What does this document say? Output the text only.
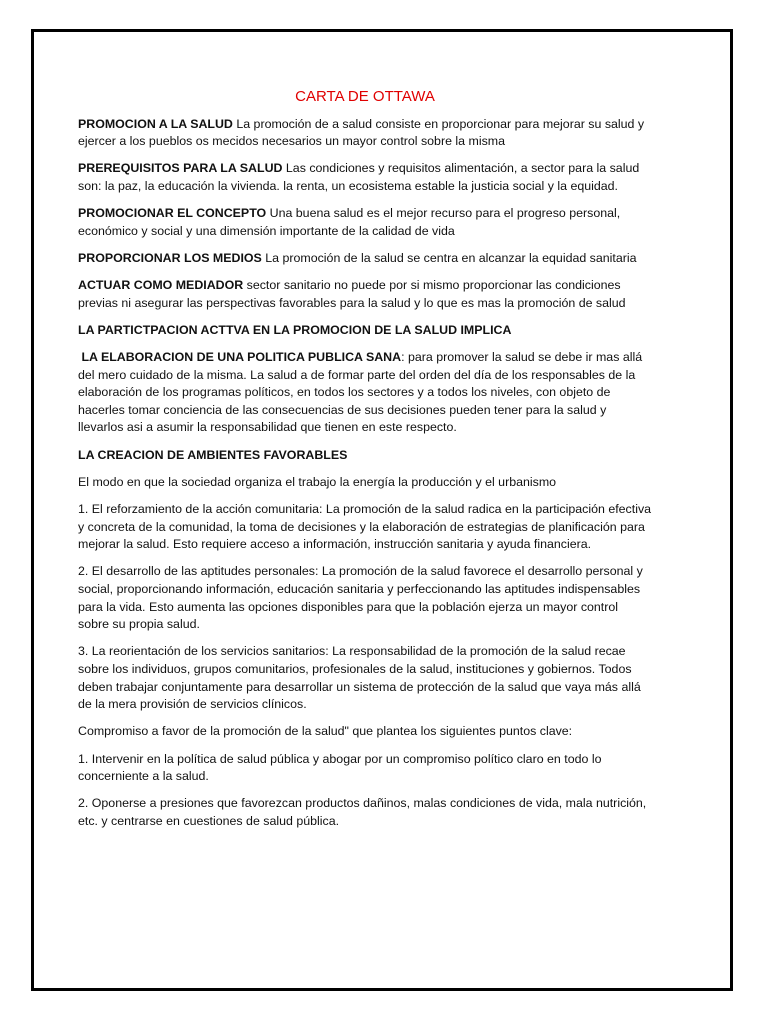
CARTA DE OTTAWA

PROMOCION A LA SALUD La promoción de a salud consiste en proporcionar para mejorar su salud y ejercer a los pueblos os mecidos necesarios un mayor control sobre la misma

PREREQUISITOS PARA LA SALUD Las condiciones y requisitos alimentación, a sector para la salud son: la paz, la educación la vivienda. la renta, un ecosistema estable la justicia social y la equidad.

PROMOCIONAR EL CONCEPTO Una buena salud es el mejor recurso para el progreso personal, económico y social y una dimensión importante de la calidad de vida

PROPORCIONAR LOS MEDIOS La promoción de la salud se centra en alcanzar la equidad sanitaria

ACTUAR COMO MEDIADOR sector sanitario no puede por si mismo proporcionar las condiciones previas ni asegurar las perspectivas favorables para la salud y lo que es mas la promoción de salud

LA PARTICTPACION ACTTVA EN LA PROMOCION DE LA SALUD IMPLICA

LA ELABORACION DE UNA POLITICA PUBLICA SANA: para promover la salud se debe ir mas allá del mero cuidado de la misma. La salud a de formar parte del orden del día de los responsables de la elaboración de los programas políticos, en todos los sectores y a todos los niveles, con objeto de hacerles tomar conciencia de las consecuencias de sus decisiones pueden tener para la salud y llevarlos asi a asumir la responsabilidad que tienen en este respecto.

LA CREACION DE AMBIENTES FAVORABLES

El modo en que la sociedad organiza el trabajo la energía la producción y el urbanismo

1. El reforzamiento de la acción comunitaria: La promoción de la salud radica en la participación efectiva y concreta de la comunidad, la toma de decisiones y la elaboración de estrategias de planificación para mejorar la salud. Esto requiere acceso a información, instrucción sanitaria y ayuda financiera.

2. El desarrollo de las aptitudes personales: La promoción de la salud favorece el desarrollo personal y social, proporcionando información, educación sanitaria y perfeccionando las aptitudes indispensables para la vida. Esto aumenta las opciones disponibles para que la población ejerza un mayor control sobre su propia salud.

3. La reorientación de los servicios sanitarios: La responsabilidad de la promoción de la salud recae sobre los individuos, grupos comunitarios, profesionales de la salud, instituciones y gobiernos. Todos deben trabajar conjuntamente para desarrollar un sistema de protección de la salud que vaya más allá de la mera provisión de servicios clínicos.

Compromiso a favor de la promoción de la salud" que plantea los siguientes puntos clave:

1. Intervenir en la política de salud pública y abogar por un compromiso político claro en todo lo concerniente a la salud.

2. Oponerse a presiones que favorezcan productos dañinos, malas condiciones de vida, mala nutrición, etc. y centrarse en cuestiones de salud pública.
